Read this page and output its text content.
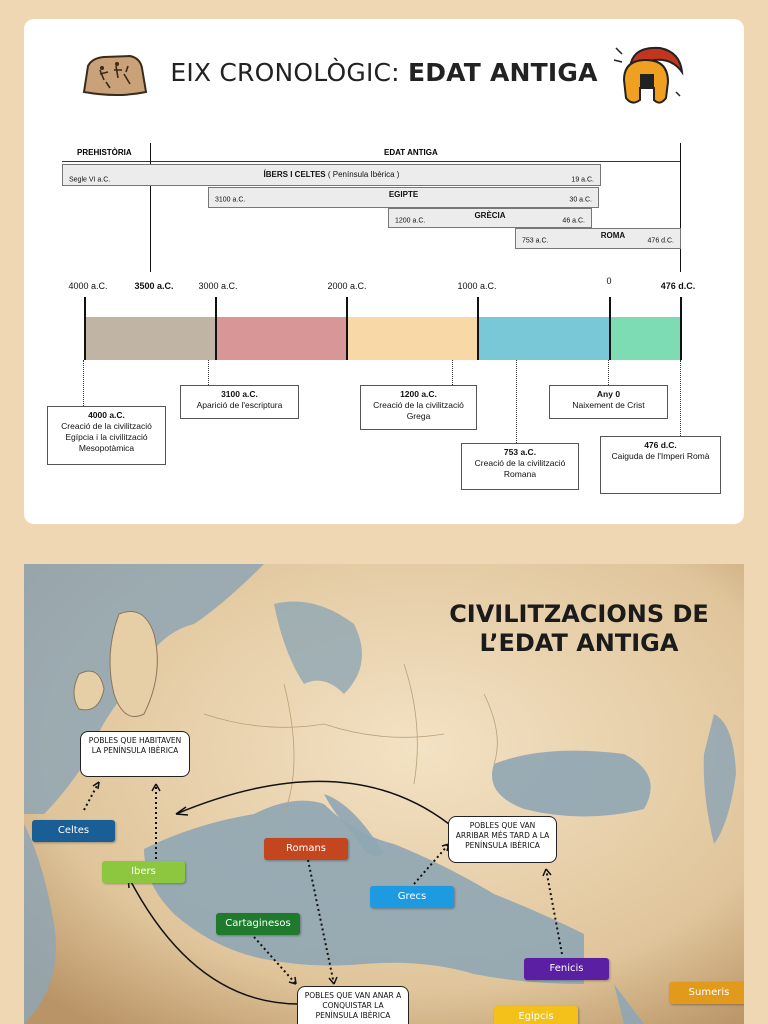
EIX CRONOLÒGIC: EDAT ANTIGA
PREHISTÒRIA	EDAT ANTIGA
ÍBERS I CELTES ( Península Ibèrica )
Segle VI a.C.	19 a.C.
EGIPTE
3100 a.C.	30 a.C.
GRÈCIA
1200 a.C.	46 a.C.
ROMA
753 a.C.	476 d.C.
4000 a.C.	3500 a.C.	3000 a.C.	2000 a.C.	1000 a.C.	0	476 d.C.
4000 a.C.
Creació de la civilització Egípcia i la civilització Mesopotàmica
3100 a.C.
Aparició de l'escriptura
1200 a.C.
Creació de la civilització Grega
753 a.C.
Creació de la civilització Romana
Any 0
Naixement de Crist
476 d.C.
Caiguda de l'Imperi Romà
CIVILITZACIONS DE
L’EDAT ANTIGA
POBLES QUE HABITAVEN LA PENÍNSULA IBÈRICA
POBLES QUE VAN ARRIBAR MÉS TARD A LA PENÍNSULA IBÈRICA
POBLES QUE VAN ANAR A CONQUISTAR LA PENÍNSULA IBÈRICA
Celtes
Ibers
Romans
Cartaginesos
Grecs
Fenicis
Sumeris
Egipcis
